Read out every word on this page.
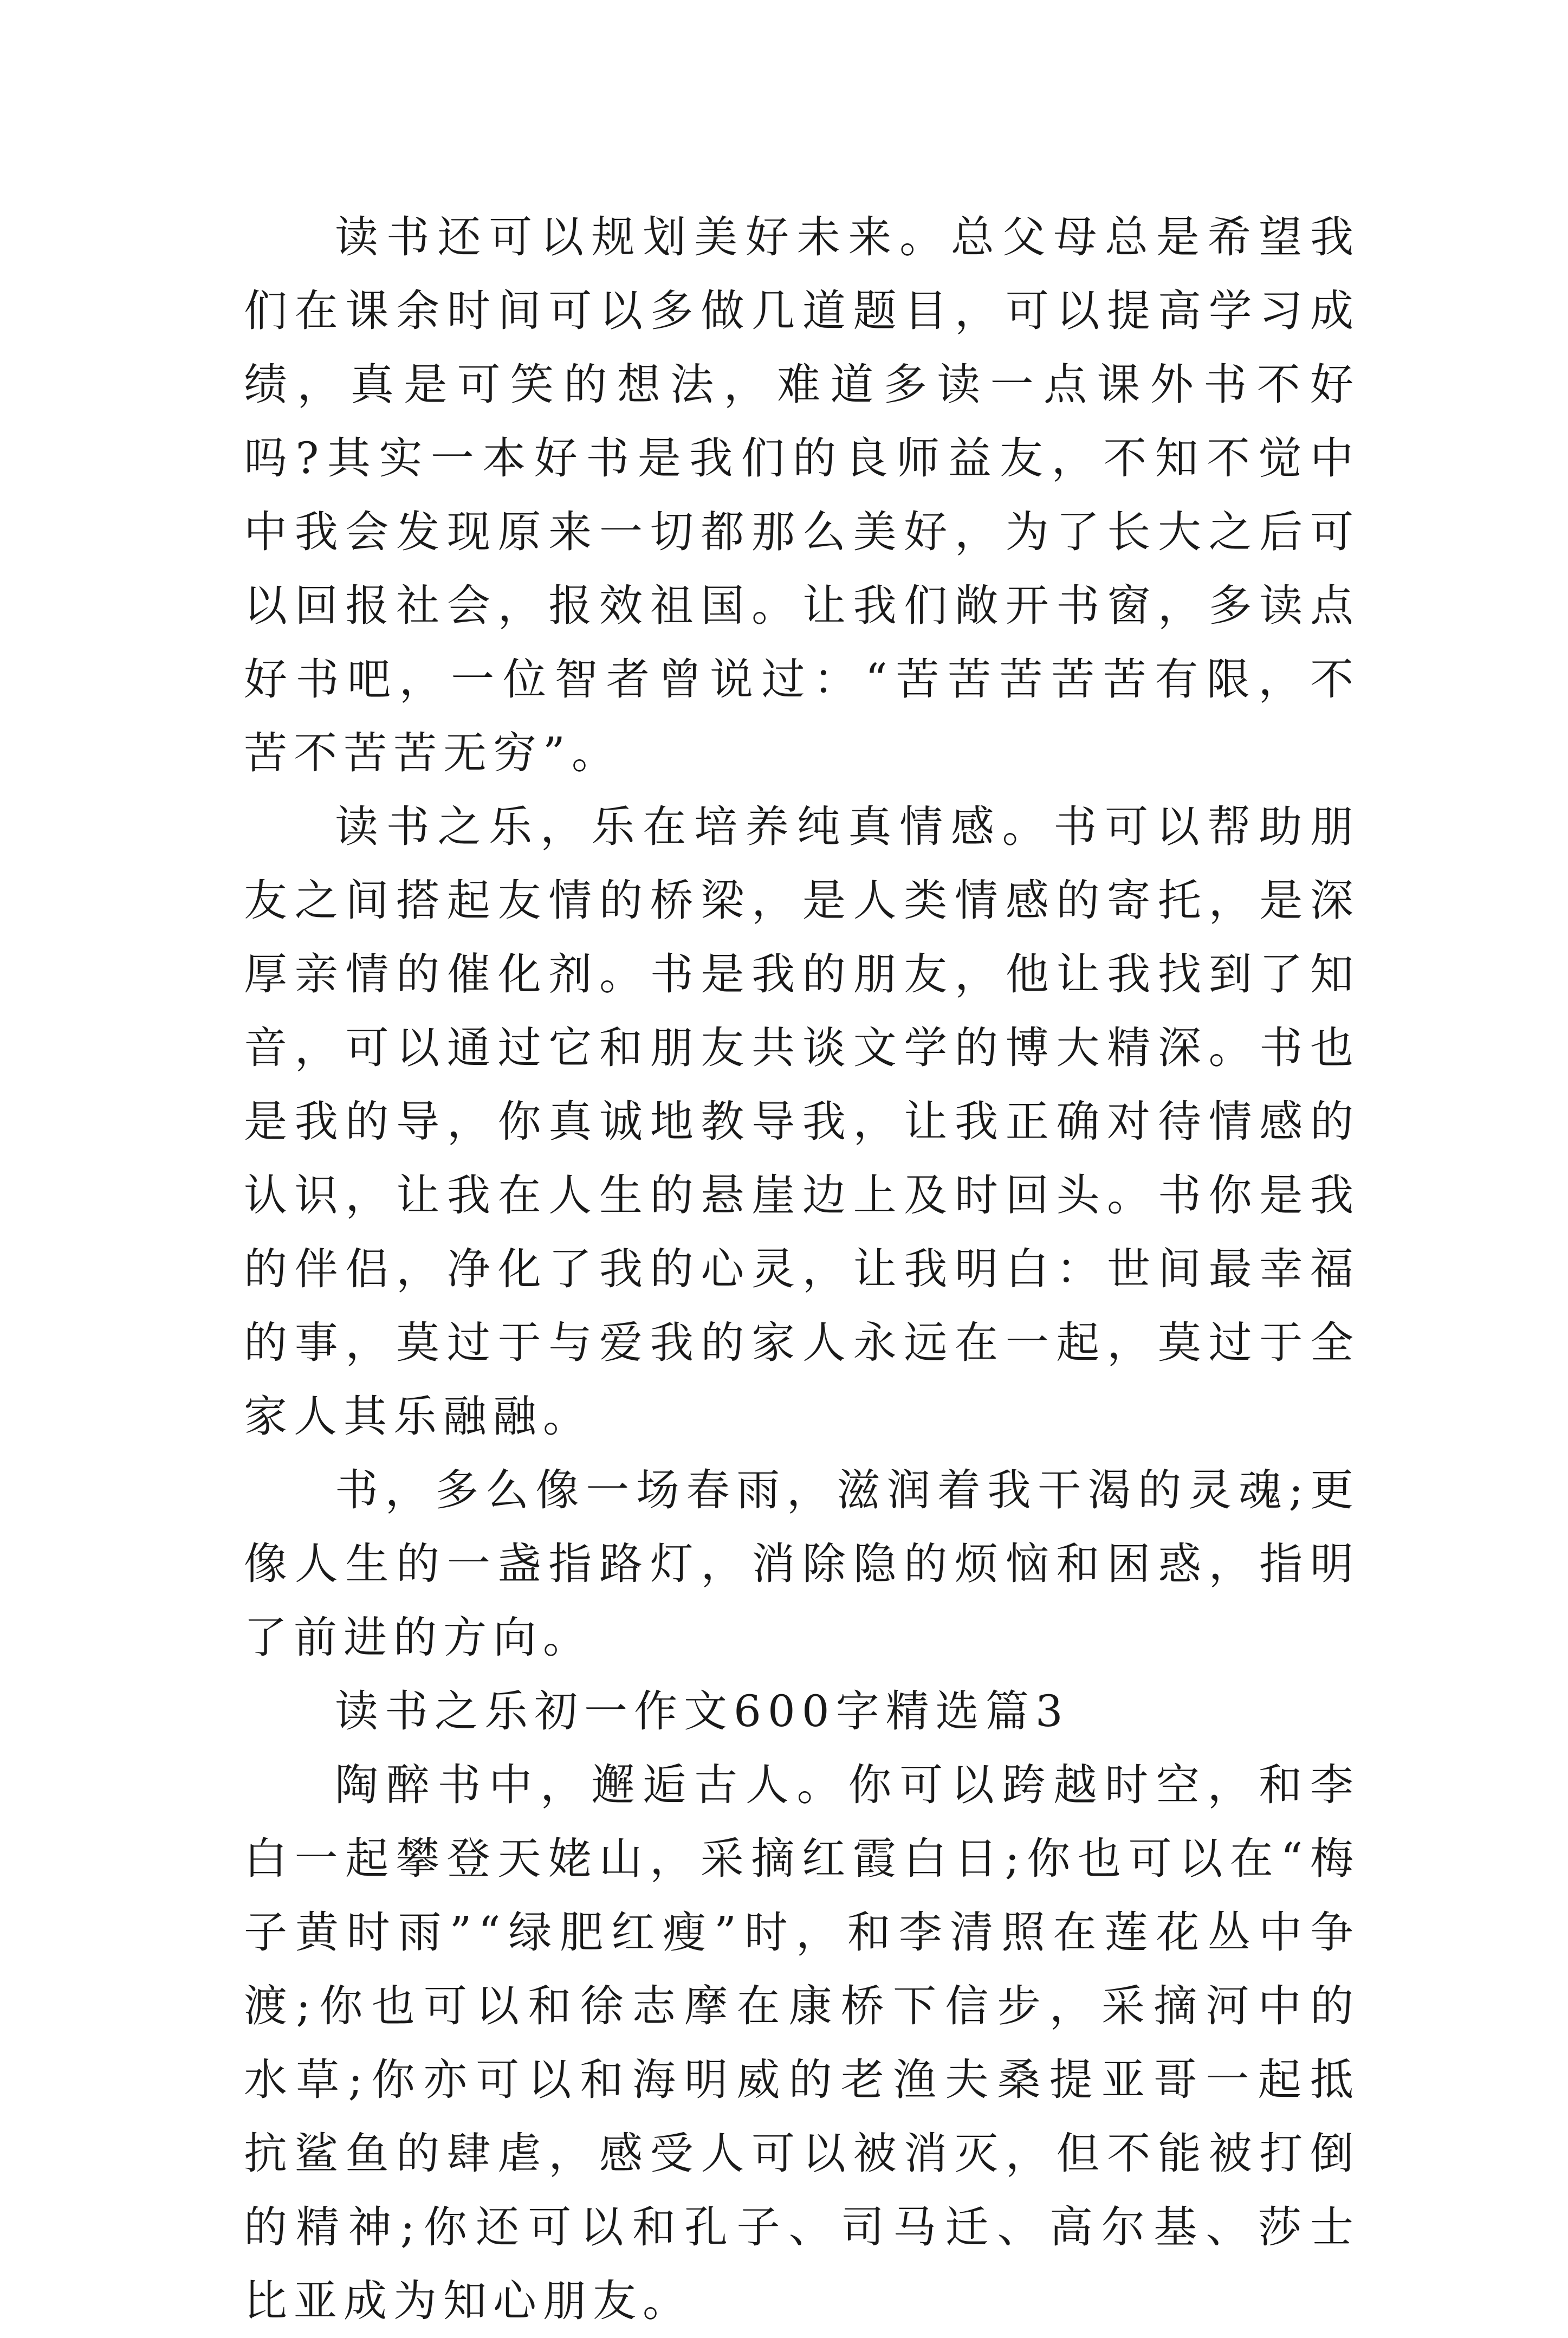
读书还可以规划美好未来。总父母总是希望我们在课余时间可以多做几道题目，可以提高学习成绩，真是可笑的想法，难道多读一点课外书不好吗?其实一本好书是我们的良师益友，不知不觉中中我会发现原来一切都那么美好，为了长大之后可以回报社会，报效祖国。让我们敞开书窗，多读点好书吧，一位智者曾说过：“苦苦苦苦苦有限，不苦不苦苦无穷”。

读书之乐，乐在培养纯真情感。书可以帮助朋友之间搭起友情的桥梁，是人类情感的寄托，是深厚亲情的催化剂。书是我的朋友，他让我找到了知音，可以通过它和朋友共谈文学的博大精深。书也是我的导，你真诚地教导我，让我正确对待情感的认识，让我在人生的悬崖边上及时回头。书你是我的伴侣，净化了我的心灵，让我明白：世间最幸福的事，莫过于与爱我的家人永远在一起，莫过于全家人其乐融融。

书，多么像一场春雨，滋润着我干渴的灵魂;更像人生的一盏指路灯，消除隐的烦恼和困惑，指明了前进的方向。

读书之乐初一作文600字精选篇3

陶醉书中，邂逅古人。你可以跨越时空，和李白一起攀登天姥山，采摘红霞白日;你也可以在“梅子黄时雨”“绿肥红瘦”时，和李清照在莲花丛中争渡;你也可以和徐志摩在康桥下信步，采摘河中的水草;你亦可以和海明威的老渔夫桑提亚哥一起抵抗鲨鱼的肆虐，感受人可以被消灭，但不能被打倒的精神;你还可以和孔子、司马迁、高尔基、莎士比亚成为知心朋友。
